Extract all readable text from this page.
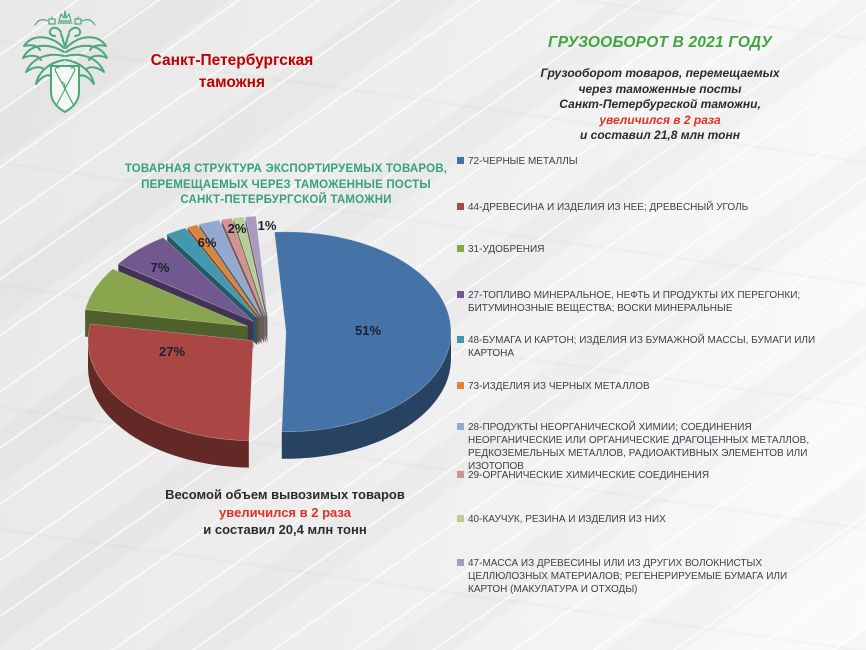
Санкт-Петербургская
таможня
ГРУЗООБОРОТ В 2021 ГОДУ
Грузооборот товаров, перемещаемых
через таможенные посты
Санкт-Петербургской таможни,
увеличился в 2 раза
и составил 21,8 млн тонн
ТОВАРНАЯ СТРУКТУРА ЭКСПОРТИРУЕМЫХ ТОВАРОВ,
ПЕРЕМЕЩАЕМЫХ ЧЕРЕЗ ТАМОЖЕННЫЕ ПОСТЫ
САНКТ-ПЕТЕРБУРГСКОЙ ТАМОЖНИ
51%
27%
7%
6%
2% 1%
72-ЧЕРНЫЕ МЕТАЛЛЫ
44-ДРЕВЕСИНА И ИЗДЕЛИЯ ИЗ НЕЕ; ДРЕВЕСНЫЙ УГОЛЬ
31-УДОБРЕНИЯ
27-ТОПЛИВО МИНЕРАЛЬНОЕ, НЕФТЬ И ПРОДУКТЫ ИХ ПЕРЕГОНКИ; БИТУМИНОЗНЫЕ ВЕЩЕСТВА; ВОСКИ МИНЕРАЛЬНЫЕ
48-БУМАГА И КАРТОН; ИЗДЕЛИЯ ИЗ БУМАЖНОЙ МАССЫ, БУМАГИ ИЛИ КАРТОНА
73-ИЗДЕЛИЯ ИЗ ЧЕРНЫХ МЕТАЛЛОВ
28-ПРОДУКТЫ НЕОРГАНИЧЕСКОЙ ХИМИИ; СОЕДИНЕНИЯ НЕОРГАНИЧЕСКИЕ ИЛИ ОРГАНИЧЕСКИЕ ДРАГОЦЕННЫХ МЕТАЛЛОВ, РЕДКОЗЕМЕЛЬНЫХ МЕТАЛЛОВ, РАДИОАКТИВНЫХ ЭЛЕМЕНТОВ ИЛИ ИЗОТОПОВ
29-ОРГАНИЧЕСКИЕ ХИМИЧЕСКИЕ СОЕДИНЕНИЯ
40-КАУЧУК, РЕЗИНА И ИЗДЕЛИЯ ИЗ НИХ
47-МАССА ИЗ ДРЕВЕСИНЫ ИЛИ ИЗ ДРУГИХ ВОЛОКНИСТЫХ ЦЕЛЛЮЛОЗНЫХ МАТЕРИАЛОВ; РЕГЕНЕРИРУЕМЫЕ БУМАГА ИЛИ КАРТОН (МАКУЛАТУРА И ОТХОДЫ)
Весомой объем вывозимых товаров
увеличился в 2 раза
и составил 20,4 млн тонн
